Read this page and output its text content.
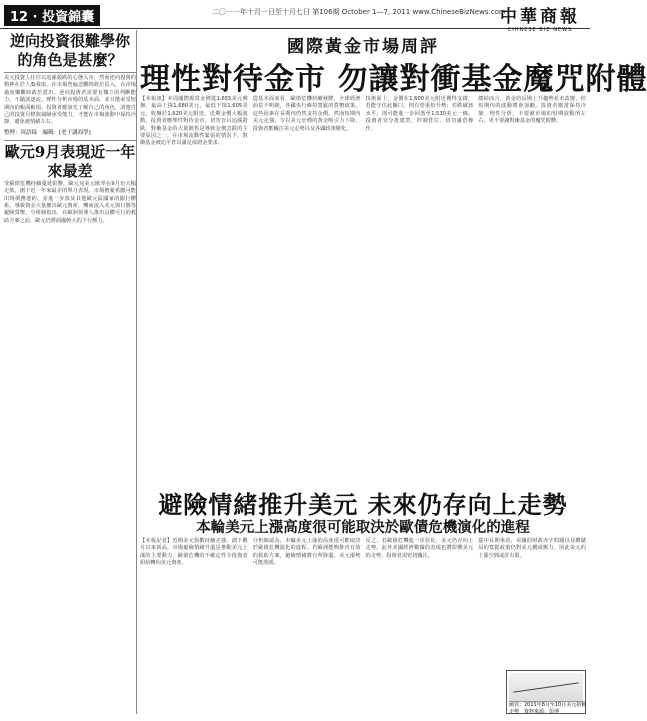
12 · 投資錦囊	二〇一一年十月一日至十月七日 第106期 October 1—7, 2011 www.ChineseBizNews.com
中華商報
CHINESE BIZ NEWS
逆向投資很難學你的角色是甚麼？
美元投資人往往以追漲殺跌的心態入市，然而逆向投資的精神在於人棄我取，在市場普遍悲觀時敢於買入，在市場過度樂觀時敢於賣出。逆向投資者需要有獨立的判斷能力，不隨波逐流，理性分析市場的基本面，並且能承受短期內的帳面虧損。投資者應該先了解自己的角色，清楚自己的投資目標與風險承受能力，才能在市場波動中保持冷靜，避免被情緒左右。
整理：周語綺　編輯：[老子講商學]
歐元9月表現近一年來最差
受歐債危機持續蔓延影響，歐元兌美元匯率在9月份大幅走低，創下近一年來最差的單月表現。市場擔憂希臘可能出現債務違約，並進一步波及其他歐元區國家的銀行體系，導致資金大量撤出歐元資產，轉而流入美元與日圓等避險貨幣。分析師指出，在歐洲領導人推出具體可行的救助方案之前，歐元仍將面臨較大的下行壓力。
國際黃金市場周評
理性對待金市 勿讓對衝基金魔咒附體
【本報訊】本周國際現貨金價從1,655美元開盤，最高上探1,680美元，最低下探1,605美元，收盤於1,620美元附近。近期金價大幅波動，投資者應理性對待金市，切勿盲目追漲殺跌。對衝基金的大量拋售是導致金價急跌的主要原因之一，在市場流動性緊張的情況下，對衝基金被迫平倉以滿足保證金要求。
從基本面來看，歐債危機持續發酵，全球經濟前景不明朗，各國央行維持寬鬆的貨幣政策，這些因素在長期內仍然支持金價。然而短期內美元走強，令以美元計價的黃金吸引力下降，投資者應關注美元走勢以及各國政策變化。
技術面上，金價在1,600美元附近獲得支撐，若能守住此關口，則有望重拾升勢；若跌破該水平，則可能進一步回落至1,530美元一線。投資者宜分批建倉，控制倉位，切勿滿倉操作。
總結而言，黃金的長期上升趨勢並未改變，但短期內的波動將會加劇。投資者應當保持冷靜，理性分析，不要被市場的短期波動所左右，更不要讓對衝基金的魔咒附體。
避險情緒推升美元 未來仍存向上走勢
本輪美元上漲高度很可能取決於歐債危機演化的進程
【本報記者】近期美元指數持續走強，創下數月以來新高。市場避險情緒升溫是推動美元上漲的主要動力，歐債危機的不確定性令投資者紛紛轉向美元資產。
分析師認為，本輪美元上漲的高度很可能取決於歐債危機演化的進程。若歐洲能夠推出有效的救助方案，避險情緒將有所降溫，美元漲勢可能放緩。
反之，若歐債危機進一步惡化，美元仍存向上走勢。此外美國經濟數據的表現也將影響美元的走勢，投資者需密切關注。
從中長期來看，美國的財政赤字問題以及聯儲局的寬鬆政策仍對美元構成壓力，因此美元的上漲空間或許有限。
圖表：2011年8月至10月美元指數
走勢　資料來源：彭博
